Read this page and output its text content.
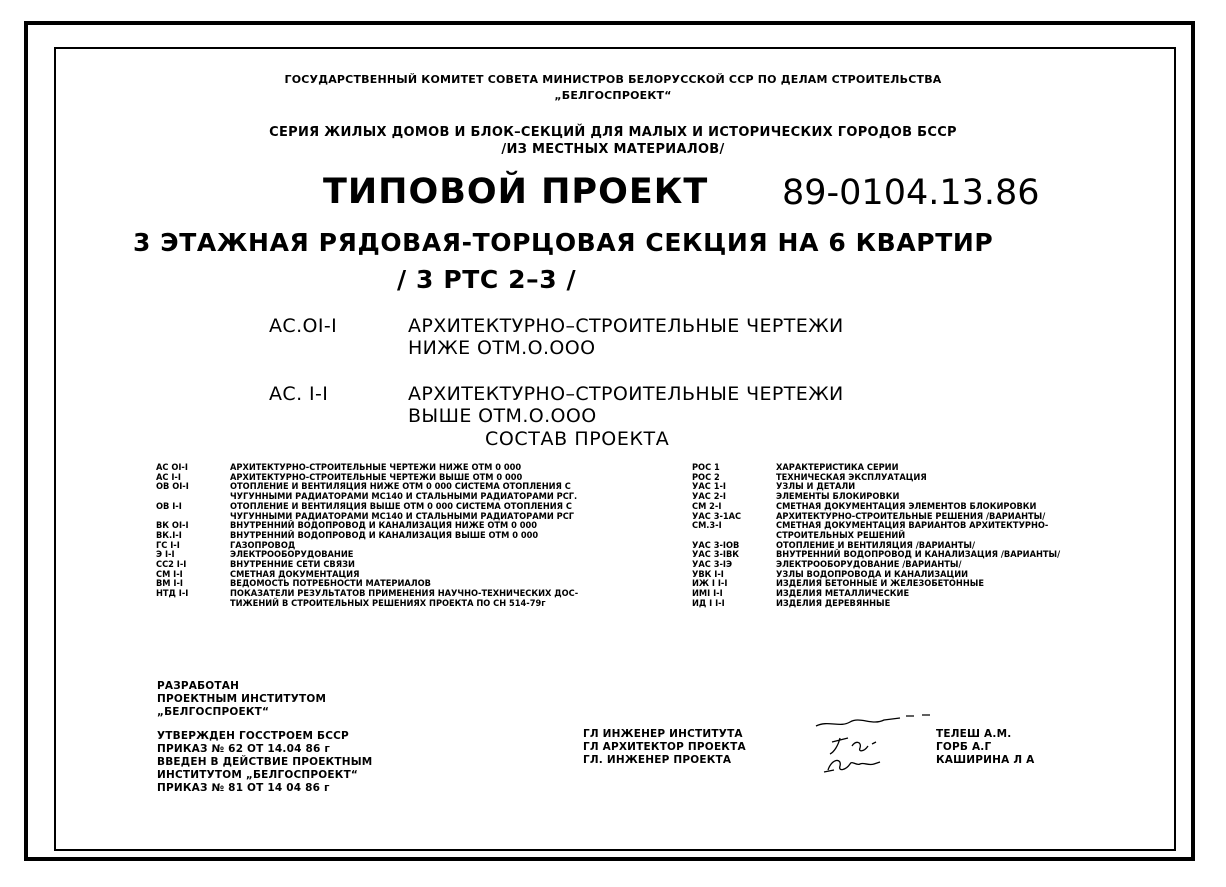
ГОСУДАРСТВЕННЫЙ КОМИТЕТ СОВЕТА МИНИСТРОВ БЕЛОРУССКОЙ ССР ПО ДЕЛАМ СТРОИТЕЛЬСТВА
„БЕЛГОСПРОЕКТ“
СЕРИЯ ЖИЛЫХ ДОМОВ И БЛОК–СЕКЦИЙ ДЛЯ МАЛЫХ И ИСТОРИЧЕСКИХ ГОРОДОВ БССР
/ИЗ МЕСТНЫХ МАТЕРИАЛОВ/
ТИПОВОЙ ПРОЕКТ 89-0104.13.86
3 ЭТАЖНАЯ РЯДОВАЯ-ТОРЦОВАЯ СЕКЦИЯ НА 6 КВАРТИР
/ 3 РТС 2–3 /
АС.OI-I	АРХИТЕКТУРНО–СТРОИТЕЛЬНЫЕ ЧЕРТЕЖИ
НИЖЕ ОТМ.О.ООО
АС. I-I	АРХИТЕКТУРНО–СТРОИТЕЛЬНЫЕ ЧЕРТЕЖИ
ВЫШЕ ОТМ.О.ООО
СОСТАВ ПРОЕКТА
АС ОI-I	АРХИТЕКТУРНО-СТРОИТЕЛЬНЫЕ ЧЕРТЕЖИ НИЖЕ ОТМ 0 000
АС I-I	АРХИТЕКТУРНО-СТРОИТЕЛЬНЫЕ ЧЕРТЕЖИ ВЫШЕ ОТМ 0 000
ОВ ОI-I	ОТОПЛЕНИЕ И ВЕНТИЛЯЦИЯ НИЖЕ ОТМ 0 000 СИСТЕМА ОТОПЛЕНИЯ С
ЧУГУННЫМИ РАДИАТОРАМИ МС140 И СТАЛЬНЫМИ РАДИАТОРАМИ РСГ.
ОВ I-I	ОТОПЛЕНИЕ И ВЕНТИЛЯЦИЯ ВЫШЕ ОТМ 0 000 СИСТЕМА ОТОПЛЕНИЯ С
ЧУГУННЫМИ РАДИАТОРАМИ МС140 И СТАЛЬНЫМИ РАДИАТОРАМИ РСГ
ВК ОI-I	ВНУТРЕННИЙ ВОДОПРОВОД И КАНАЛИЗАЦИЯ НИЖЕ ОТМ 0 000
ВК.I-I	ВНУТРЕННИЙ ВОДОПРОВОД И КАНАЛИЗАЦИЯ ВЫШЕ ОТМ 0 000
ГС I-I	ГАЗОПРОВОД
Э I-I	ЭЛЕКТРООБОРУДОВАНИЕ
СС2 I-I	ВНУТРЕННИЕ СЕТИ СВЯЗИ
СМ I-I	СМЕТНАЯ ДОКУМЕНТАЦИЯ
ВМ I-I	ВЕДОМОСТЬ ПОТРЕБНОСТИ МАТЕРИАЛОВ
НТД I-I	ПОКАЗАТЕЛИ РЕЗУЛЬТАТОВ ПРИМЕНЕНИЯ НАУЧНО-ТЕХНИЧЕСКИХ ДОС-
ТИЖЕНИЙ В СТРОИТЕЛЬНЫХ РЕШЕНИЯХ ПРОЕКТА ПО СН 514-79г
РОС 1	ХАРАКТЕРИСТИКА СЕРИИ
РОС 2	ТЕХНИЧЕСКАЯ ЭКСПЛУАТАЦИЯ
УАС 1-I	УЗЛЫ И ДЕТАЛИ
УАС 2-I	ЭЛЕМЕНТЫ БЛОКИРОВКИ
СМ 2-I	СМЕТНАЯ ДОКУМЕНТАЦИЯ ЭЛЕМЕНТОВ БЛОКИРОВКИ
УАС 3-1АС	АРХИТЕКТУРНО-СТРОИТЕЛЬНЫЕ РЕШЕНИЯ /ВАРИАНТЫ/
СМ.3-I	СМЕТНАЯ ДОКУМЕНТАЦИЯ ВАРИАНТОВ АРХИТЕКТУРНО-
СТРОИТЕЛЬНЫХ РЕШЕНИЙ
УАС 3-IОВ	ОТОПЛЕНИЕ И ВЕНТИЛЯЦИЯ /ВАРИАНТЫ/
УАС 3-IВК	ВНУТРЕННИЙ ВОДОПРОВОД И КАНАЛИЗАЦИЯ /ВАРИАНТЫ/
УАС 3-IЭ	ЭЛЕКТРООБОРУДОВАНИЕ /ВАРИАНТЫ/
УВК I-I	УЗЛЫ ВОДОПРОВОДА И КАНАЛИЗАЦИИ
ИЖ I I-I	ИЗДЕЛИЯ БЕТОННЫЕ И ЖЕЛЕЗОБЕТОННЫЕ
ИМI I-I	ИЗДЕЛИЯ МЕТАЛЛИЧЕСКИЕ
ИД I I-I	ИЗДЕЛИЯ ДЕРЕВЯННЫЕ
РАЗРАБОТАН
ПРОЕКТНЫМ ИНСТИТУТОМ
„БЕЛГОСПРОЕКТ“
УТВЕРЖДЕН ГОССТРОЕМ БССР
ПРИКАЗ № 62 ОТ 14.04 86 г
ВВЕДЕН В ДЕЙСТВИЕ ПРОЕКТНЫМ
ИНСТИТУТОМ „БЕЛГОСПРОЕКТ“
ПРИКАЗ № 81 ОТ 14 04 86 г
ГЛ ИНЖЕНЕР ИНСТИТУТА
ГЛ АРХИТЕКТОР ПРОЕКТА
ГЛ. ИНЖЕНЕР ПРОЕКТА
ТЕЛЕШ А.М.
ГОРБ А.Г
КАШИРИНА Л А
